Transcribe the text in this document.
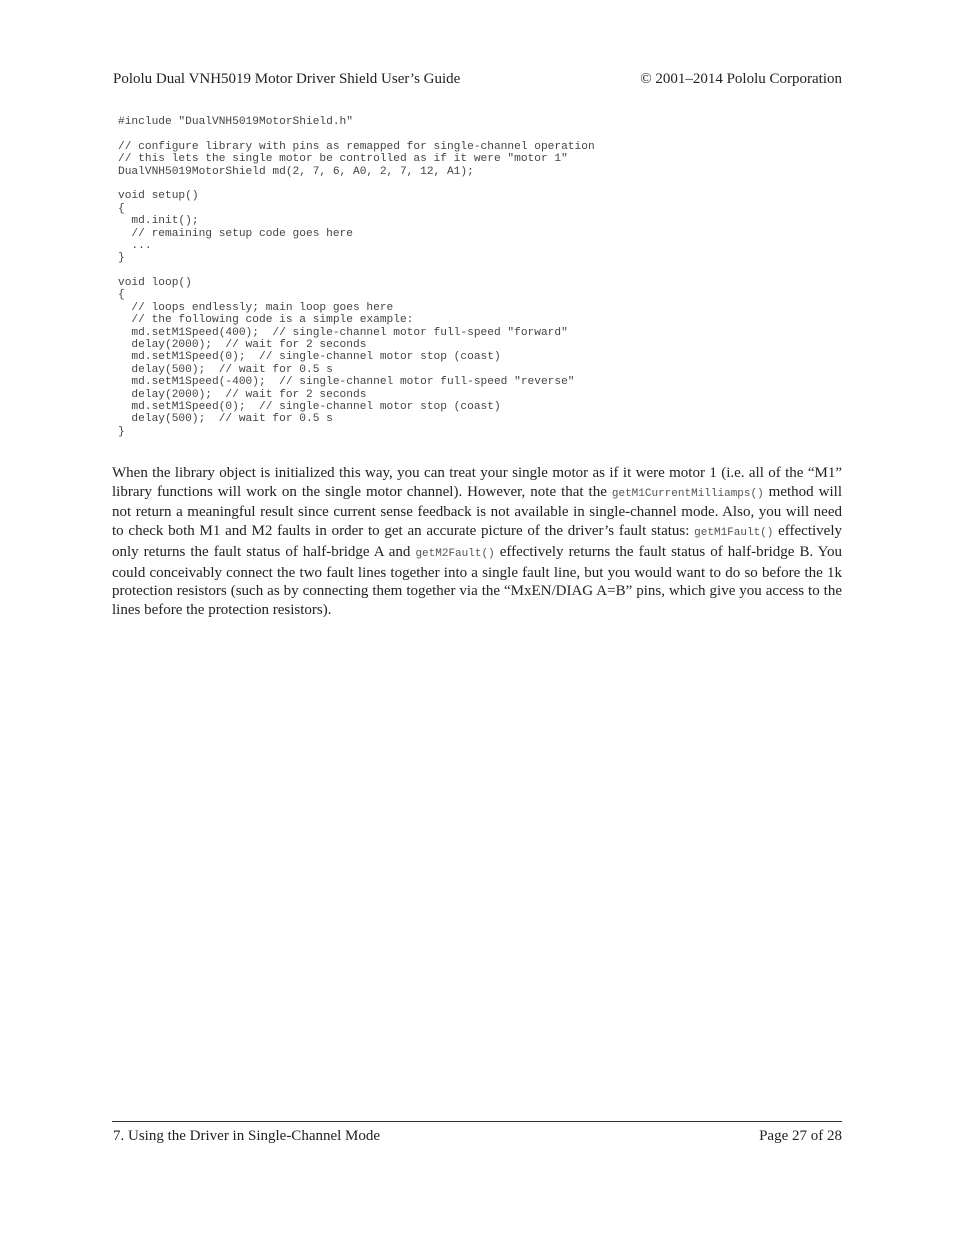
Pololu Dual VNH5019 Motor Driver Shield User’s Guide	© 2001–2014 Pololu Corporation
#include "DualVNH5019MotorShield.h"
// configure library with pins as remapped for single-channel operation
// this lets the single motor be controlled as if it were "motor 1"
DualVNH5019MotorShield md(2, 7, 6, A0, 2, 7, 12, A1);
void setup()
{
md.init();
// remaining setup code goes here
...
}
void loop()
{
// loops endlessly; main loop goes here
// the following code is a simple example:
md.setM1Speed(400);  // single-channel motor full-speed "forward"
delay(2000);  // wait for 2 seconds
md.setM1Speed(0);  // single-channel motor stop (coast)
delay(500);  // wait for 0.5 s
md.setM1Speed(-400);  // single-channel motor full-speed "reverse"
delay(2000);  // wait for 2 seconds
md.setM1Speed(0);  // single-channel motor stop (coast)
delay(500);  // wait for 0.5 s
}

When the library object is initialized this way, you can treat your single motor as if it were motor 1 (i.e. all of the “M1” library functions will work on the single motor channel). However, note that the getM1CurrentMilliamps() method will not return a meaningful result since current sense feedback is not available in single-channel mode. Also, you will need to check both M1 and M2 faults in order to get an accurate picture of the driver’s fault status: getM1Fault() effectively only returns the fault status of half-bridge A and getM2Fault() effectively returns the fault status of half-bridge B. You could conceivably connect the two fault lines together into a single fault line, but you would want to do so before the 1k protection resistors (such as by connecting them together via the “MxEN/DIAG A=B” pins, which give you access to the lines before the protection resistors).

7. Using the Driver in Single-Channel Mode	Page 27 of 28
